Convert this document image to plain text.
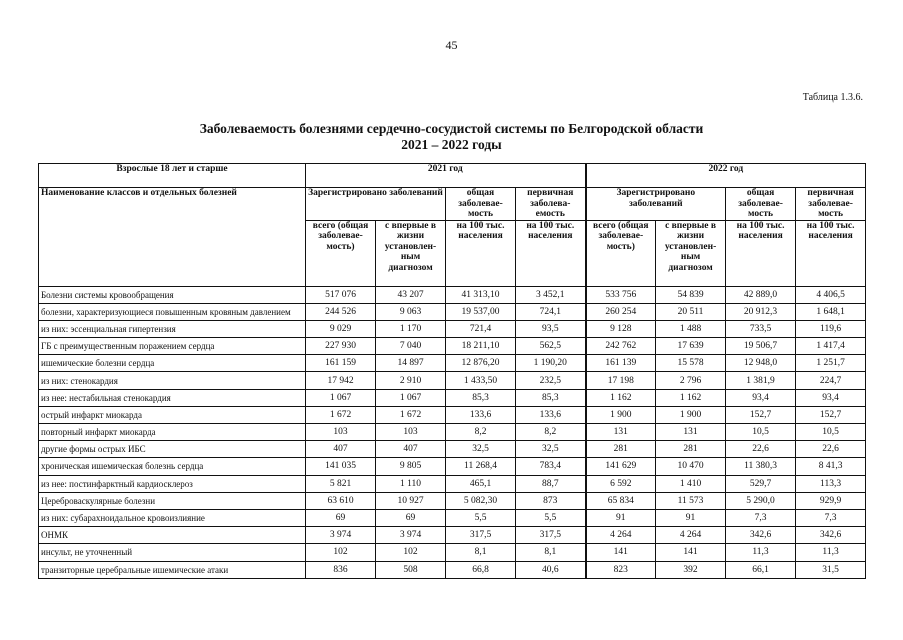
45
Таблица 1.3.6.
Заболеваемость болезнями сердечно-сосудистой системы по Белгородской области
2021 – 2022 годы
Взрослые 18 лет и старше	2021 год				2022 год			
Наименование классов и отдельных болезней	Зарегистрировано заболеваний		общая заболевае-мость	первичная заболева-емость	Зарегистрировано заболеваний		общая заболевае-мость	первичная заболевае-мость
	всего (общая заболевае-мость)	с впервые в жизни установлен-ным диагнозом	на 100 тыс. населения	на 100 тыс. населения	всего (общая заболевае-мость)	с впервые в жизни установлен-ным диагнозом	на 100 тыс. населения	на 100 тыс. населения
Болезни системы кровообращения	517 076	43 207	41 313,10	3 452,1	533 756	54 839	42 889,0	4 406,5
болезни, характеризующиеся повышенным кровяным давлением	244 526	9 063	19 537,00	724,1	260 254	20 511	20 912,3	1 648,1
из них: эссенциальная гипертензия	9 029	1 170	721,4	93,5	9 128	1 488	733,5	119,6
ГБ с преимущественным поражением сердца	227 930	7 040	18 211,10	562,5	242 762	17 639	19 506,7	1 417,4
ишемические болезни сердца	161 159	14 897	12 876,20	1 190,20	161 139	15 578	12 948,0	1 251,7
из них: стенокардия	17 942	2 910	1 433,50	232,5	17 198	2 796	1 381,9	224,7
из нее: нестабильная стенокардия	1 067	1 067	85,3	85,3	1 162	1 162	93,4	93,4
острый инфаркт миокарда	1 672	1 672	133,6	133,6	1 900	1 900	152,7	152,7
повторный инфаркт миокарда	103	103	8,2	8,2	131	131	10,5	10,5
другие формы острых ИБС	407	407	32,5	32,5	281	281	22,6	22,6
хроническая ишемическая болезнь сердца	141 035	9 805	11 268,4	783,4	141 629	10 470	11 380,3	8 41,3
из нее: постинфарктный кардиосклероз	5 821	1 110	465,1	88,7	6 592	1 410	529,7	113,3
Цереброваскулярные болезни	63 610	10 927	5 082,30	873	65 834	11 573	5 290,0	929,9
из них: субарахноидальное кровоизлияние	69	69	5,5	5,5	91	91	7,3	7,3
ОНМК	3 974	3 974	317,5	317,5	4 264	4 264	342,6	342,6
инсульт, не уточненный	102	102	8,1	8,1	141	141	11,3	11,3
транзиторные церебральные ишемические атаки	836	508	66,8	40,6	823	392	66,1	31,5
